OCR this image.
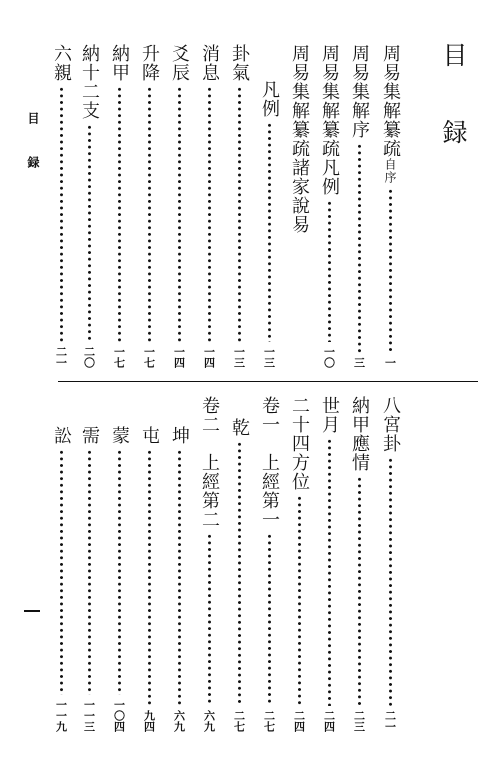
目 録
目 録	周易集解纂疏自序
一
周易集解序
三
周易集解纂疏凡例
一〇
周易集解纂疏諸家說易
凡例
一三
卦氣
一三
消息
一四
爻辰
一四
升降
一七
納甲
一七
納十二支
二〇
六親
二一
八宮卦
二一
納甲應情
二三
世月
二四
二十四方位
二四
卷一　上經第一
二七
乾
二七
卷二　上經第二
六九
坤
六九
屯
九四
蒙
一〇四
需
一一三
訟
一一九
